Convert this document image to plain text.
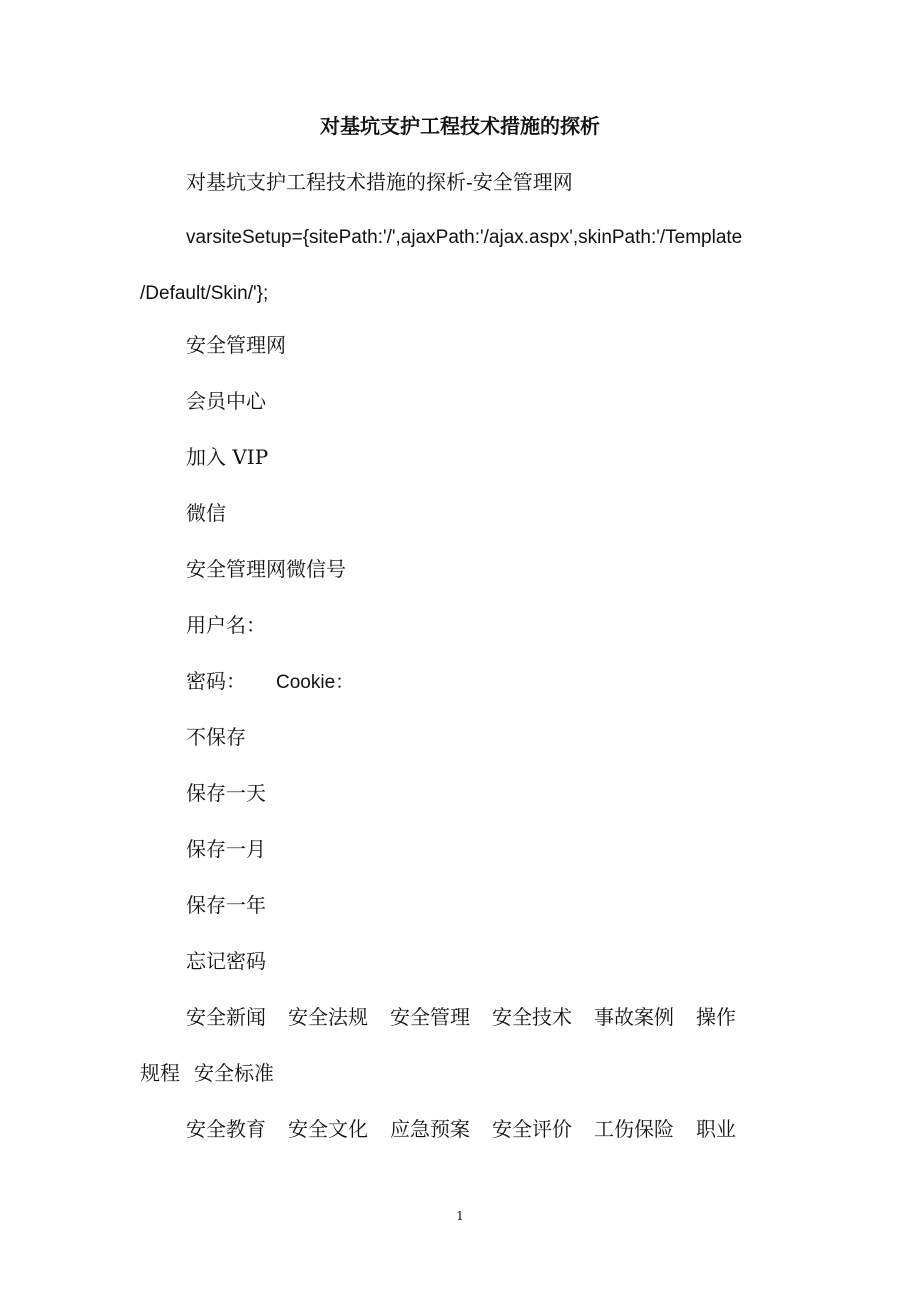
对基坑支护工程技术措施的探析
对基坑支护工程技术措施的探析-安全管理网
varsiteSetup={sitePath:'/',ajaxPath:'/ajax.aspx',skinPath:'/Template
/Default/Skin/'};
安全管理网
会员中心
加入 VIP
微信
安全管理网微信号
用户名：
密码： Cookie：
不保存
保存一天
保存一月
保存一年
忘记密码
安全新闻 安全法规 安全管理 安全技术 事故案例 操作
规程 安全标准
安全教育 安全文化 应急预案 安全评价 工伤保险 职业
1
